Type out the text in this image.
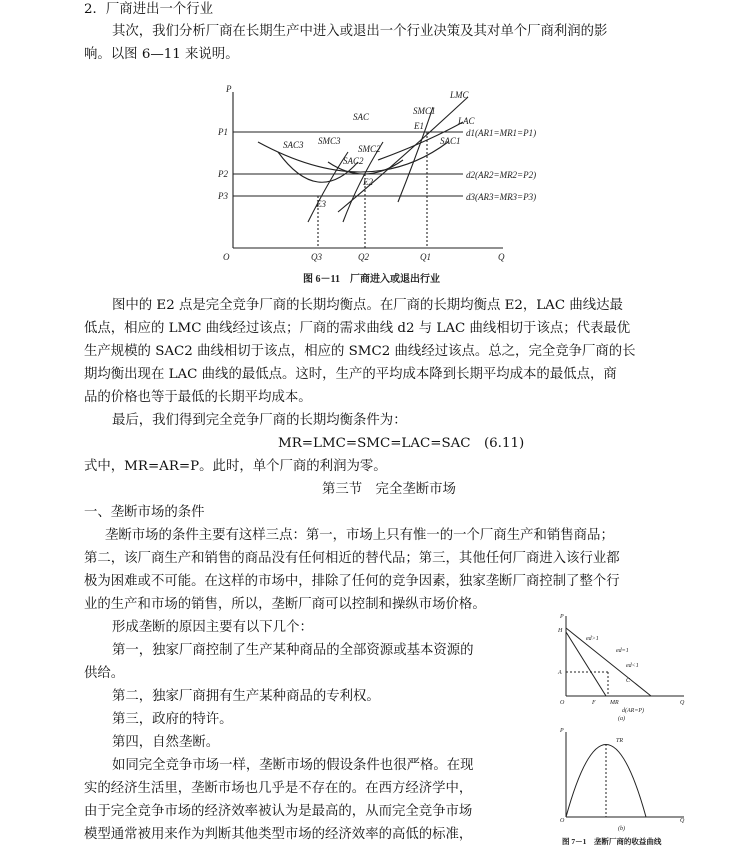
2．厂商进出一个行业
其次，我们分析厂商在长期生产中进入或退出一个行业决策及其对单个厂商利润的影
响。以图 6—11 来说明。
P
O	Q
P1
P2
P3
Q3	Q2	Q1
SAC3 SMC3
SAC
SMC2
SAC2
SMC1
E1
LMC
LAC
SAC1
E2
E3
d1(AR1=MR1=P1)
d2(AR2=MR2=P2)
d3(AR3=MR3=P3)
图 6－11　厂商进入或退出行业
图中的 E2 点是完全竞争厂商的长期均衡点。在厂商的长期均衡点 E2，LAC 曲线达最
低点，相应的 LMC 曲线经过该点；厂商的需求曲线 d2 与 LAC 曲线相切于该点；代表最优
生产规模的 SAC2 曲线相切于该点，相应的 SMC2 曲线经过该点。总之，完全竞争厂商的长
期均衡出现在 LAC 曲线的最低点。这时，生产的平均成本降到长期平均成本的最低点，商
品的价格也等于最低的长期平均成本。
最后，我们得到完全竞争厂商的长期均衡条件为：
MR=LMC=SMC=LAC=SAC　(6.11)
式中，MR=AR=P。此时，单个厂商的利润为零。
第三节　完全垄断市场
一、垄断市场的条件
垄断市场的条件主要有这样三点：第一，市场上只有惟一的一个厂商生产和销售商品；
第二，该厂商生产和销售的商品没有任何相近的替代品；第三，其他任何厂商进入该行业都
极为困难或不可能。在这样的市场中，排除了任何的竞争因素，独家垄断厂商控制了整个行
业的生产和市场的销售，所以，垄断厂商可以控制和操纵市场价格。
形成垄断的原因主要有以下几个：
第一，独家厂商控制了生产某种商品的全部资源或基本资源的
供给。
第二，独家厂商拥有生产某种商品的专利权。
第三，政府的特许。
第四，自然垄断。
如同完全竞争市场一样，垄断市场的假设条件也很严格。在现
实的经济生活里，垄断市场也几乎是不存在的。在西方经济学中，
由于完全竞争市场的经济效率被认为是最高的，从而完全竞争市场
模型通常被用来作为判断其他类型市场的经济效率的高低的标准，
P
O	Q
ed>1
ed=1
ed<1
H
A
F MR
C
d(AR=P)
(a)
P
O	Q
TR
(b)
图 7－1　垄断厂商的收益曲线
